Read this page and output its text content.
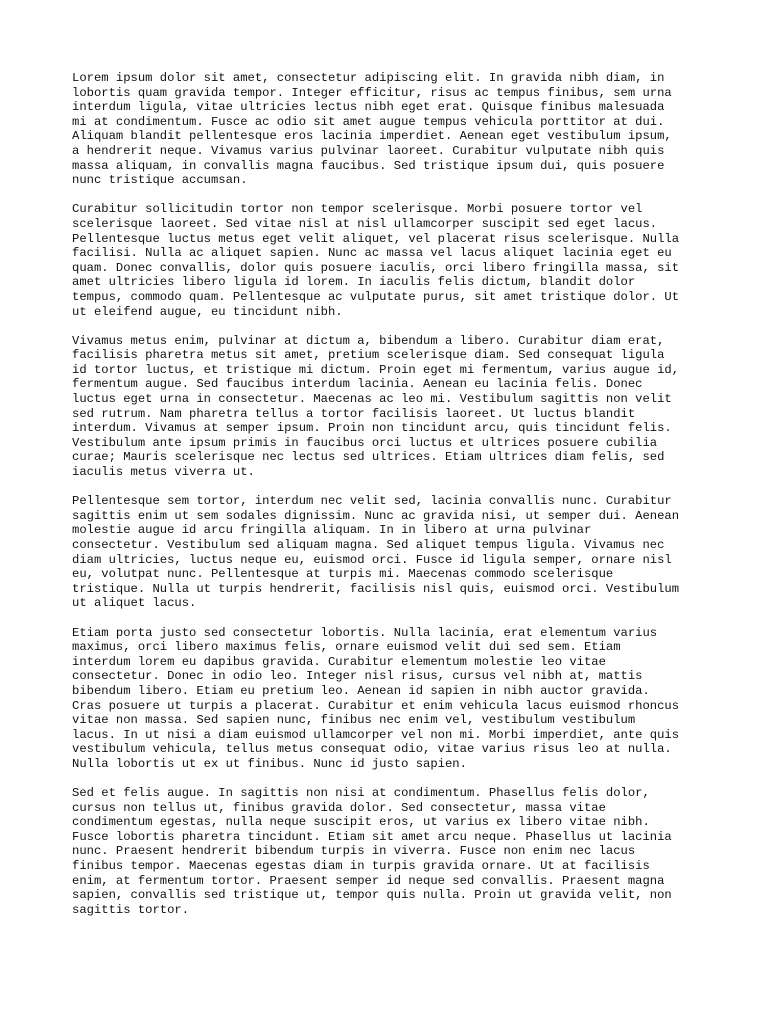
Lorem ipsum dolor sit amet, consectetur adipiscing elit. In gravida nibh diam, in
lobortis quam gravida tempor. Integer efficitur, risus ac tempus finibus, sem urna
interdum ligula, vitae ultricies lectus nibh eget erat. Quisque finibus malesuada
mi at condimentum. Fusce ac odio sit amet augue tempus vehicula porttitor at dui.
Aliquam blandit pellentesque eros lacinia imperdiet. Aenean eget vestibulum ipsum,
a hendrerit neque. Vivamus varius pulvinar laoreet. Curabitur vulputate nibh quis
massa aliquam, in convallis magna faucibus. Sed tristique ipsum dui, quis posuere
nunc tristique accumsan.

Curabitur sollicitudin tortor non tempor scelerisque. Morbi posuere tortor vel
scelerisque laoreet. Sed vitae nisl at nisl ullamcorper suscipit sed eget lacus.
Pellentesque luctus metus eget velit aliquet, vel placerat risus scelerisque. Nulla
facilisi. Nulla ac aliquet sapien. Nunc ac massa vel lacus aliquet lacinia eget eu
quam. Donec convallis, dolor quis posuere iaculis, orci libero fringilla massa, sit
amet ultricies libero ligula id lorem. In iaculis felis dictum, blandit dolor
tempus, commodo quam. Pellentesque ac vulputate purus, sit amet tristique dolor. Ut
ut eleifend augue, eu tincidunt nibh.

Vivamus metus enim, pulvinar at dictum a, bibendum a libero. Curabitur diam erat,
facilisis pharetra metus sit amet, pretium scelerisque diam. Sed consequat ligula
id tortor luctus, et tristique mi dictum. Proin eget mi fermentum, varius augue id,
fermentum augue. Sed faucibus interdum lacinia. Aenean eu lacinia felis. Donec
luctus eget urna in consectetur. Maecenas ac leo mi. Vestibulum sagittis non velit
sed rutrum. Nam pharetra tellus a tortor facilisis laoreet. Ut luctus blandit
interdum. Vivamus at semper ipsum. Proin non tincidunt arcu, quis tincidunt felis.
Vestibulum ante ipsum primis in faucibus orci luctus et ultrices posuere cubilia
curae; Mauris scelerisque nec lectus sed ultrices. Etiam ultrices diam felis, sed
iaculis metus viverra ut.

Pellentesque sem tortor, interdum nec velit sed, lacinia convallis nunc. Curabitur
sagittis enim ut sem sodales dignissim. Nunc ac gravida nisi, ut semper dui. Aenean
molestie augue id arcu fringilla aliquam. In in libero at urna pulvinar
consectetur. Vestibulum sed aliquam magna. Sed aliquet tempus ligula. Vivamus nec
diam ultricies, luctus neque eu, euismod orci. Fusce id ligula semper, ornare nisl
eu, volutpat nunc. Pellentesque at turpis mi. Maecenas commodo scelerisque
tristique. Nulla ut turpis hendrerit, facilisis nisl quis, euismod orci. Vestibulum
ut aliquet lacus.

Etiam porta justo sed consectetur lobortis. Nulla lacinia, erat elementum varius
maximus, orci libero maximus felis, ornare euismod velit dui sed sem. Etiam
interdum lorem eu dapibus gravida. Curabitur elementum molestie leo vitae
consectetur. Donec in odio leo. Integer nisl risus, cursus vel nibh at, mattis
bibendum libero. Etiam eu pretium leo. Aenean id sapien in nibh auctor gravida.
Cras posuere ut turpis a placerat. Curabitur et enim vehicula lacus euismod rhoncus
vitae non massa. Sed sapien nunc, finibus nec enim vel, vestibulum vestibulum
lacus. In ut nisi a diam euismod ullamcorper vel non mi. Morbi imperdiet, ante quis
vestibulum vehicula, tellus metus consequat odio, vitae varius risus leo at nulla.
Nulla lobortis ut ex ut finibus. Nunc id justo sapien.

Sed et felis augue. In sagittis non nisi at condimentum. Phasellus felis dolor,
cursus non tellus ut, finibus gravida dolor. Sed consectetur, massa vitae
condimentum egestas, nulla neque suscipit eros, ut varius ex libero vitae nibh.
Fusce lobortis pharetra tincidunt. Etiam sit amet arcu neque. Phasellus ut lacinia
nunc. Praesent hendrerit bibendum turpis in viverra. Fusce non enim nec lacus
finibus tempor. Maecenas egestas diam in turpis gravida ornare. Ut at facilisis
enim, at fermentum tortor. Praesent semper id neque sed convallis. Praesent magna
sapien, convallis sed tristique ut, tempor quis nulla. Proin ut gravida velit, non
sagittis tortor.
